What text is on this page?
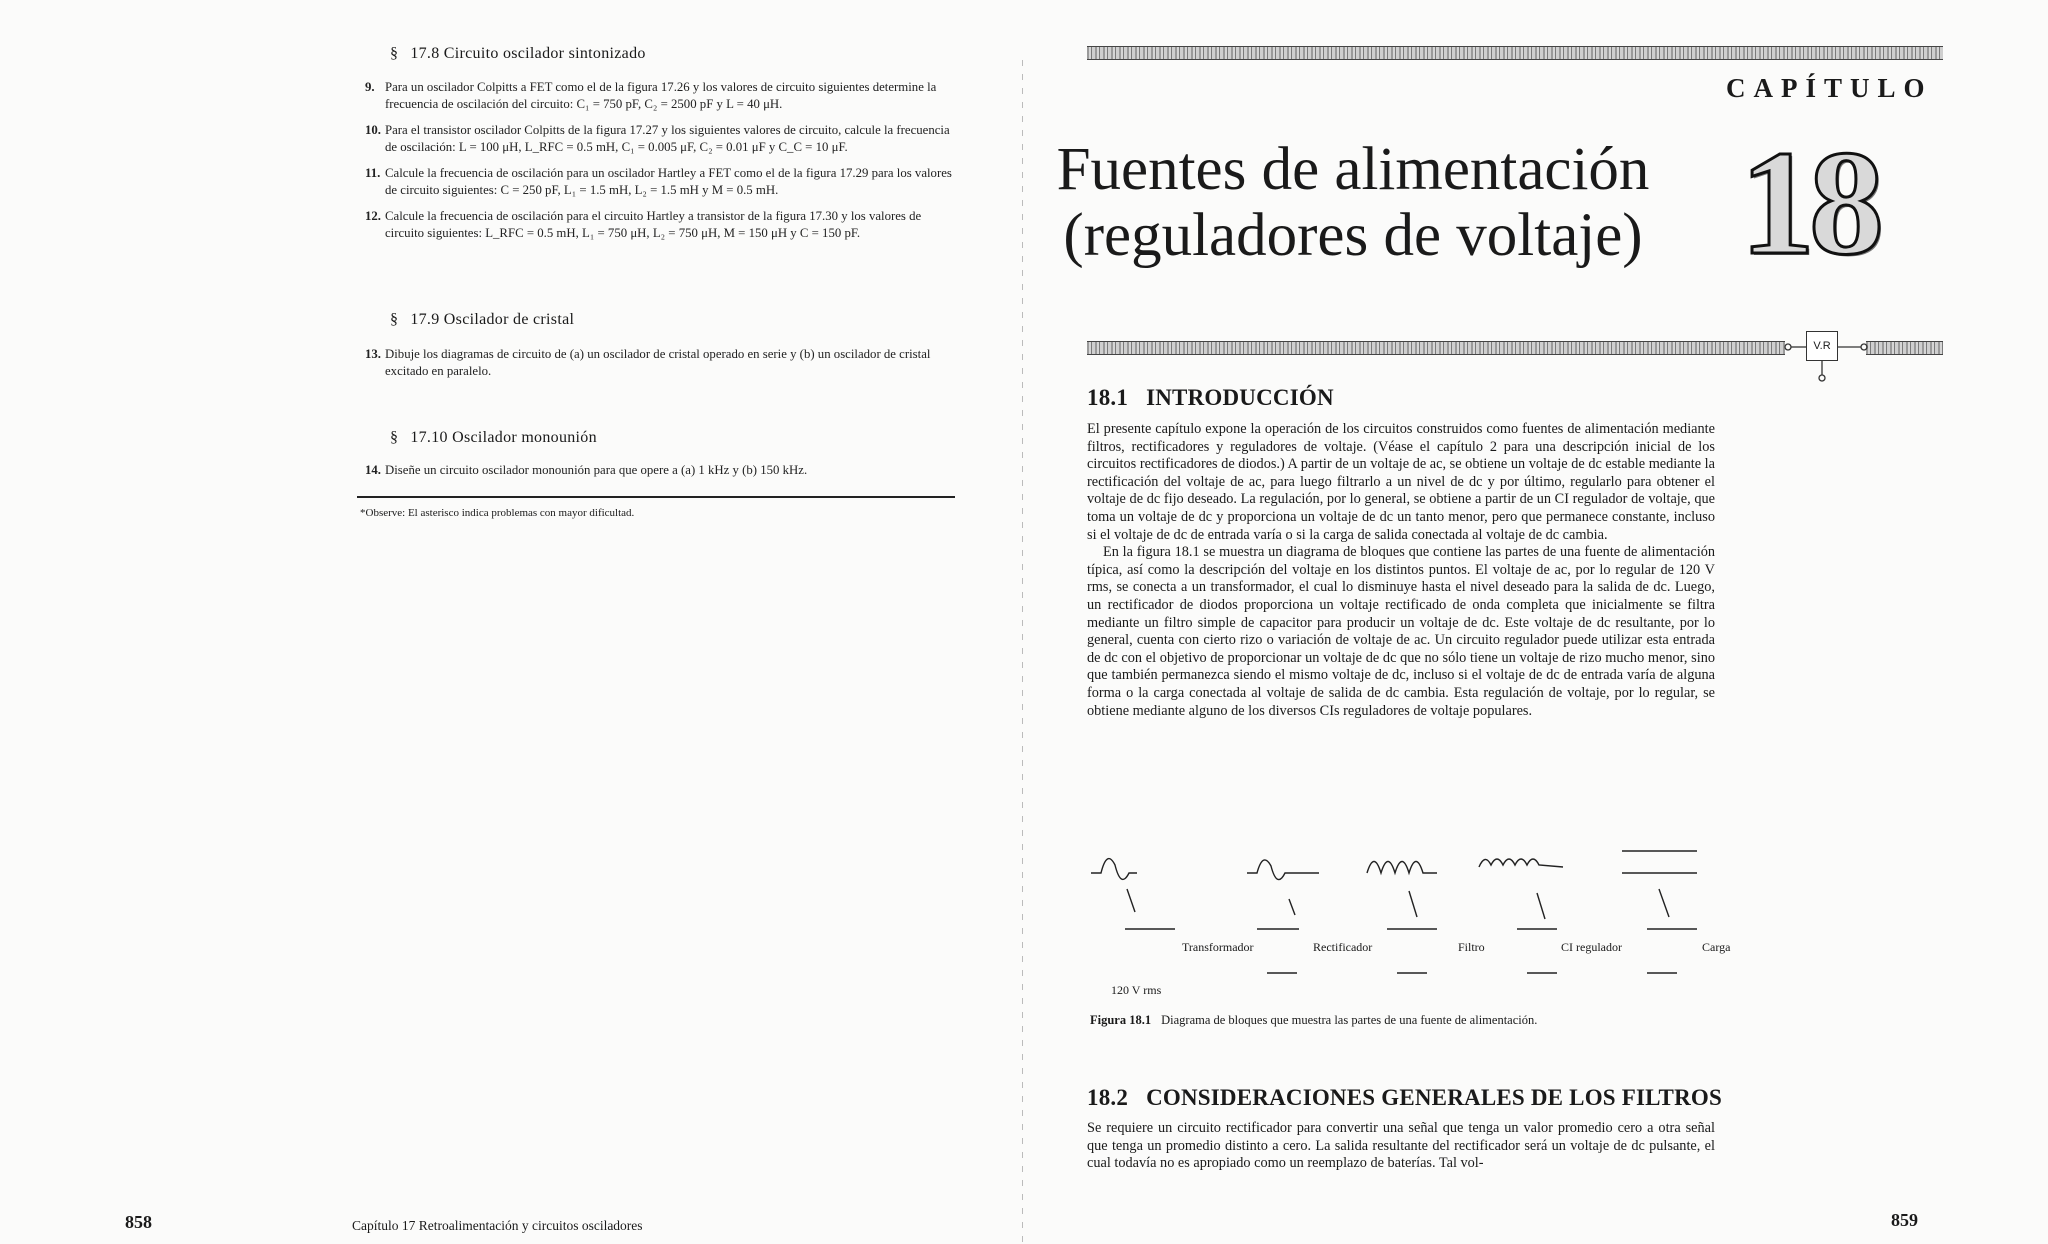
§ 17.8 Circuito oscilador sintonizado
9. Para un oscilador Colpitts a FET como el de la figura 17.26 y los valores de circuito siguientes determine la frecuencia de oscilación del circuito: C₁ = 750 pF, C₂ = 2500 pF y L = 40 μH.
10. Para el transistor oscilador Colpitts de la figura 17.27 y los siguientes valores de circuito, calcule la frecuencia de oscilación: L = 100 μH, L_RFC = 0.5 mH, C₁ = 0.005 μF, C₂ = 0.01 μF y C_C = 10 μF.
11. Calcule la frecuencia de oscilación para un oscilador Hartley a FET como el de la figura 17.29 para los valores de circuito siguientes: C = 250 pF, L₁ = 1.5 mH, L₂ = 1.5 mH y M = 0.5 mH.
12. Calcule la frecuencia de oscilación para el circuito Hartley a transistor de la figura 17.30 y los valores de circuito siguientes: L_RFC = 0.5 mH, L₁ = 750 μH, L₂ = 750 μH, M = 150 μH y C = 150 pF.
§ 17.9 Oscilador de cristal
13. Dibuje los diagramas de circuito de (a) un oscilador de cristal operado en serie y (b) un oscilador de cristal excitado en paralelo.
§ 17.10 Oscilador monounión
14. Diseñe un circuito oscilador monounión para que opere a (a) 1 kHz y (b) 150 kHz.
*Observe: El asterisco indica problemas con mayor dificultad.
858	Capítulo 17 Retroalimentación y circuitos osciladores
CAPÍTULO
Fuentes de alimentación
(reguladores de voltaje) 18
V.R
18.1 INTRODUCCIÓN

El presente capítulo expone la operación de los circuitos construidos como fuentes de alimentación mediante filtros, rectificadores y reguladores de voltaje. (Véase el capítulo 2 para una descripción inicial de los circuitos rectificadores de diodos.) A partir de un voltaje de ac, se obtiene un voltaje de dc estable mediante la rectificación del voltaje de ac, para luego filtrarlo a un nivel de dc y por último, regularlo para obtener el voltaje de dc fijo deseado. La regulación, por lo general, se obtiene a partir de un CI regulador de voltaje, que toma un voltaje de dc y proporciona un voltaje de dc un tanto menor, pero que permanece constante, incluso si el voltaje de dc de entrada varía o si la carga de salida conectada al voltaje de dc cambia.

En la figura 18.1 se muestra un diagrama de bloques que contiene las partes de una fuente de alimentación típica, así como la descripción del voltaje en los distintos puntos. El voltaje de ac, por lo regular de 120 V rms, se conecta a un transformador, el cual lo disminuye hasta el nivel deseado para la salida de dc. Luego, un rectificador de diodos proporciona un voltaje rectificado de onda completa que inicialmente se filtra mediante un filtro simple de capacitor para producir un voltaje de dc. Este voltaje de dc resultante, por lo general, cuenta con cierto rizo o variación de voltaje de ac. Un circuito regulador puede utilizar esta entrada de dc con el objetivo de proporcionar un voltaje de dc que no sólo tiene un voltaje de rizo mucho menor, sino que también permanezca siendo el mismo voltaje de dc, incluso si el voltaje de dc de entrada varía de alguna forma o la carga conectada al voltaje de salida de dc cambia. Esta regulación de voltaje, por lo regular, se obtiene mediante alguno de los diversos CIs reguladores de voltaje populares.

Transformador	Rectificador	Filtro	CI regulador	Carga
120 V rms
Figura 18.1 Diagrama de bloques que muestra las partes de una fuente de alimentación.
18.2 CONSIDERACIONES GENERALES DE LOS FILTROS

Se requiere un circuito rectificador para convertir una señal que tenga un valor promedio cero a otra señal que tenga un promedio distinto a cero. La salida resultante del rectificador será un voltaje de dc pulsante, el cual todavía no es apropiado como un reemplazo de baterías. Tal vol-

859
